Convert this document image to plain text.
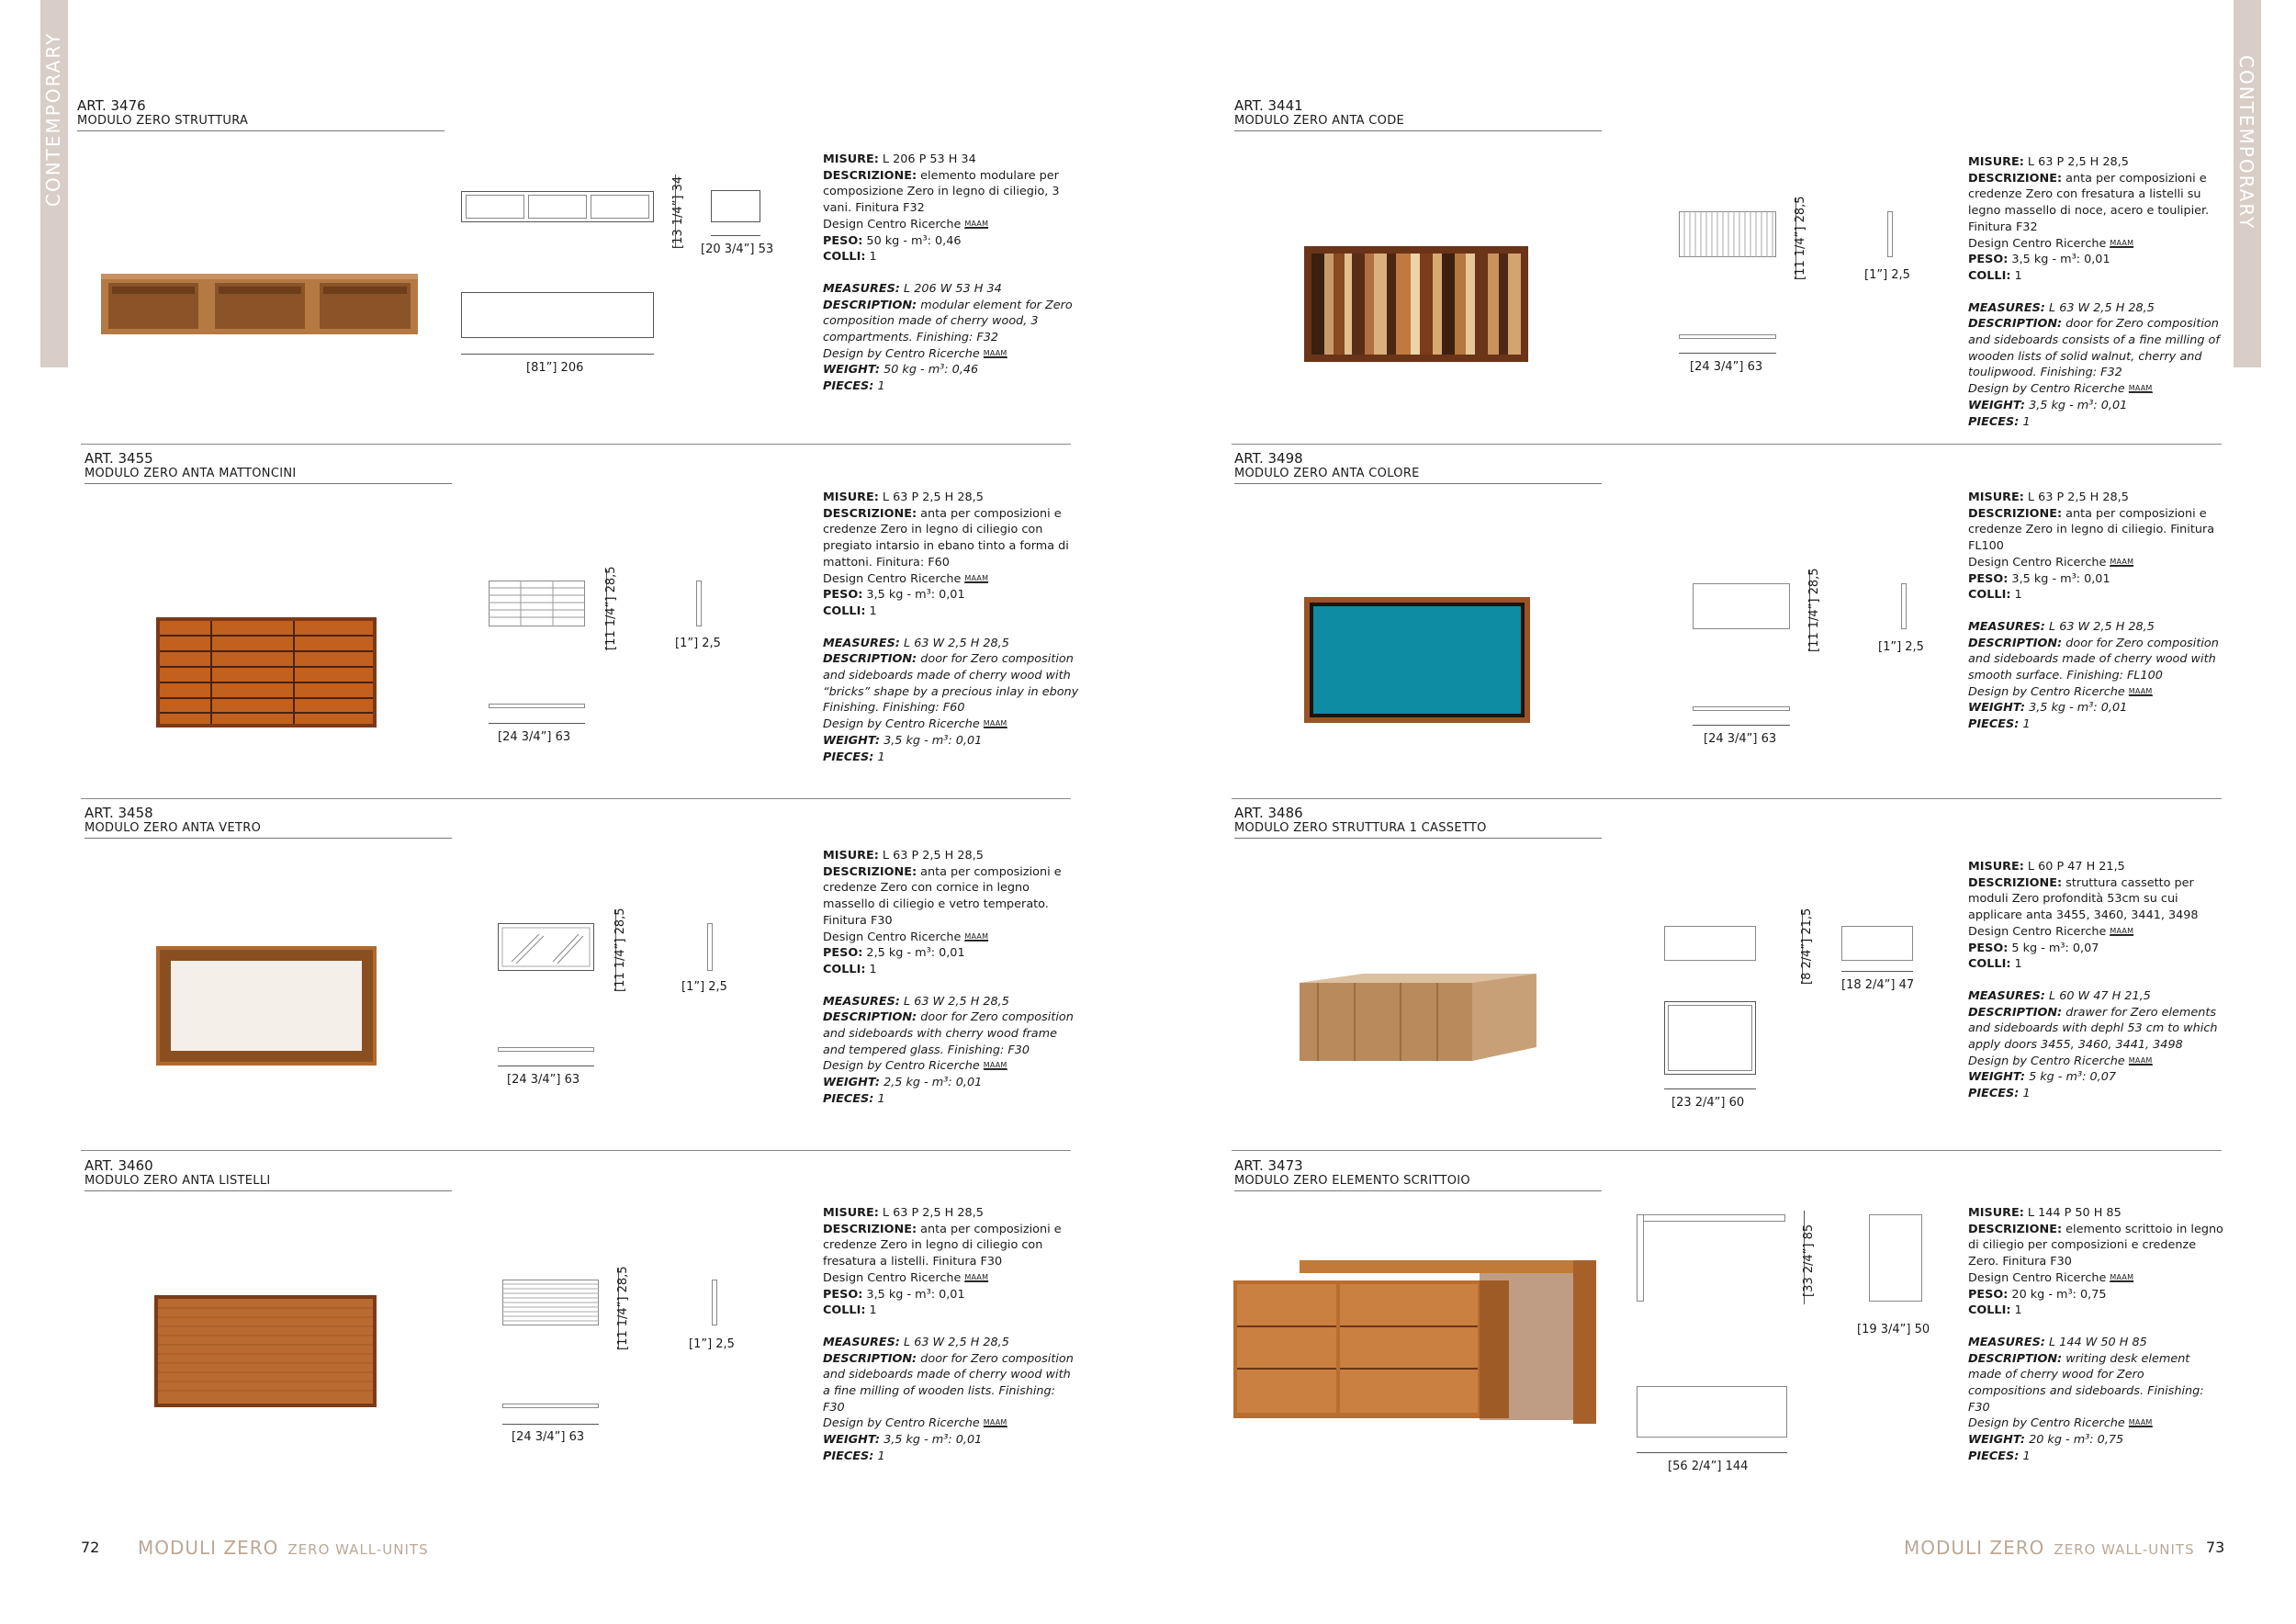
CONTEMPORARY	CONTEMPORARY
ART. 3476
MODULO ZERO STRUTTURA
[13 1/4”] 34
[20 3/4”] 53
[81”] 206
MISURE: L 206 P 53 H 34
DESCRIZIONE: elemento modulare per composizione Zero in legno di ciliegio, 3 vani. Finitura F32
Design Centro Ricerche MAAM
PESO: 50 kg - m³: 0,46
COLLI: 1
MEASURES: L 206 W 53 H 34
DESCRIPTION: modular element for Zero composition made of cherry wood, 3 compartments. Finishing: F32
Design by Centro Ricerche MAAM
WEIGHT: 50 kg - m³: 0,46
PIECES: 1
ART. 3455
MODULO ZERO ANTA MATTONCINI
[11 1/4”] 28,5	[1”] 2,5
[24 3/4”] 63
MISURE: L 63 P 2,5 H 28,5
DESCRIZIONE: anta per composizioni e credenze Zero in legno di ciliegio con pregiato intarsio in ebano tinto a forma di mattoni. Finitura: F60
Design Centro Ricerche MAAM
PESO: 3,5 kg - m³: 0,01
COLLI: 1
MEASURES: L 63 W 2,5 H 28,5
DESCRIPTION: door for Zero composition and sideboards made of cherry wood with “bricks” shape by a precious inlay in ebony Finishing. Finishing: F60
Design by Centro Ricerche MAAM
WEIGHT: 3,5 kg - m³: 0,01
PIECES: 1
ART. 3458
MODULO ZERO ANTA VETRO
[11 1/4”] 28,5	[1”] 2,5
[24 3/4”] 63
MISURE: L 63 P 2,5 H 28,5
DESCRIZIONE: anta per composizioni e credenze Zero con cornice in legno massello di ciliegio e vetro temperato. Finitura F30
Design Centro Ricerche MAAM
PESO: 2,5 kg - m³: 0,01
COLLI: 1
MEASURES: L 63 W 2,5 H 28,5
DESCRIPTION: door for Zero composition and sideboards with cherry wood frame and tempered glass. Finishing: F30
Design by Centro Ricerche MAAM
WEIGHT: 2,5 kg - m³: 0,01
PIECES: 1
ART. 3460
MODULO ZERO ANTA LISTELLI
[11 1/4”] 28,5	[1”] 2,5
[24 3/4”] 63
MISURE: L 63 P 2,5 H 28,5
DESCRIZIONE: anta per composizioni e credenze Zero in legno di ciliegio con fresatura a listelli. Finitura F30
Design Centro Ricerche MAAM
PESO: 3,5 kg - m³: 0,01
COLLI: 1
MEASURES: L 63 W 2,5 H 28,5
DESCRIPTION: door for Zero composition and sideboards made of cherry wood with a fine milling of wooden lists. Finishing: F30
Design by Centro Ricerche MAAM
WEIGHT: 3,5 kg - m³: 0,01
PIECES: 1
ART. 3441
MODULO ZERO ANTA CODE
[11 1/4”] 28,5	[1”] 2,5
[24 3/4”] 63
MISURE: L 63 P 2,5 H 28,5
DESCRIZIONE: anta per composizioni e credenze Zero con fresatura a listelli su legno massello di noce, acero e toulipier. Finitura F32
Design Centro Ricerche MAAM
PESO: 3,5 kg - m³: 0,01
COLLI: 1
MEASURES: L 63 W 2,5 H 28,5
DESCRIPTION: door for Zero composition and sideboards consists of a fine milling of wooden lists of solid walnut, cherry and toulipwood. Finishing: F32
Design by Centro Ricerche MAAM
WEIGHT: 3,5 kg - m³: 0,01
PIECES: 1
ART. 3498
MODULO ZERO ANTA COLORE
[11 1/4”] 28,5	[1”] 2,5
[24 3/4”] 63
MISURE: L 63 P 2,5 H 28,5
DESCRIZIONE: anta per composizioni e credenze Zero in legno di ciliegio. Finitura FL100
Design Centro Ricerche MAAM
PESO: 3,5 kg - m³: 0,01
COLLI: 1
MEASURES: L 63 W 2,5 H 28,5
DESCRIPTION: door for Zero composition and sideboards made of cherry wood with smooth surface. Finishing: FL100
Design by Centro Ricerche MAAM
WEIGHT: 3,5 kg - m³: 0,01
PIECES: 1
ART. 3486
MODULO ZERO STRUTTURA 1 CASSETTO
[8 2/4”] 21,5
[18 2/4”] 47
[23 2/4”] 60
MISURE: L 60 P 47 H 21,5
DESCRIZIONE: struttura cassetto per moduli Zero profondità 53cm su cui applicare anta 3455, 3460, 3441, 3498
Design Centro Ricerche MAAM
PESO: 5 kg - m³: 0,07
COLLI: 1
MEASURES: L 60 W 47 H 21,5
DESCRIPTION: drawer for Zero elements and sideboards with dephl 53 cm to which apply doors 3455, 3460, 3441, 3498
Design by Centro Ricerche MAAM
WEIGHT: 5 kg - m³: 0,07
PIECES: 1
ART. 3473
MODULO ZERO ELEMENTO SCRITTOIO
[33 2/4”] 85
[19 3/4”] 50
[56 2/4”] 144
MISURE: L 144 P 50 H 85
DESCRIZIONE: elemento scrittoio in legno di ciliegio per composizioni e credenze Zero. Finitura F30
Design Centro Ricerche MAAM
PESO: 20 kg - m³: 0,75
COLLI: 1
MEASURES: L 144 W 50 H 85
DESCRIPTION: writing desk element made of cherry wood for Zero compositions and sideboards. Finishing: F30
Design by Centro Ricerche MAAM
WEIGHT: 20 kg - m³: 0,75
PIECES: 1
72 MODULI ZERO ZERO WALL-UNITS	MODULI ZERO ZERO WALL-UNITS 73
